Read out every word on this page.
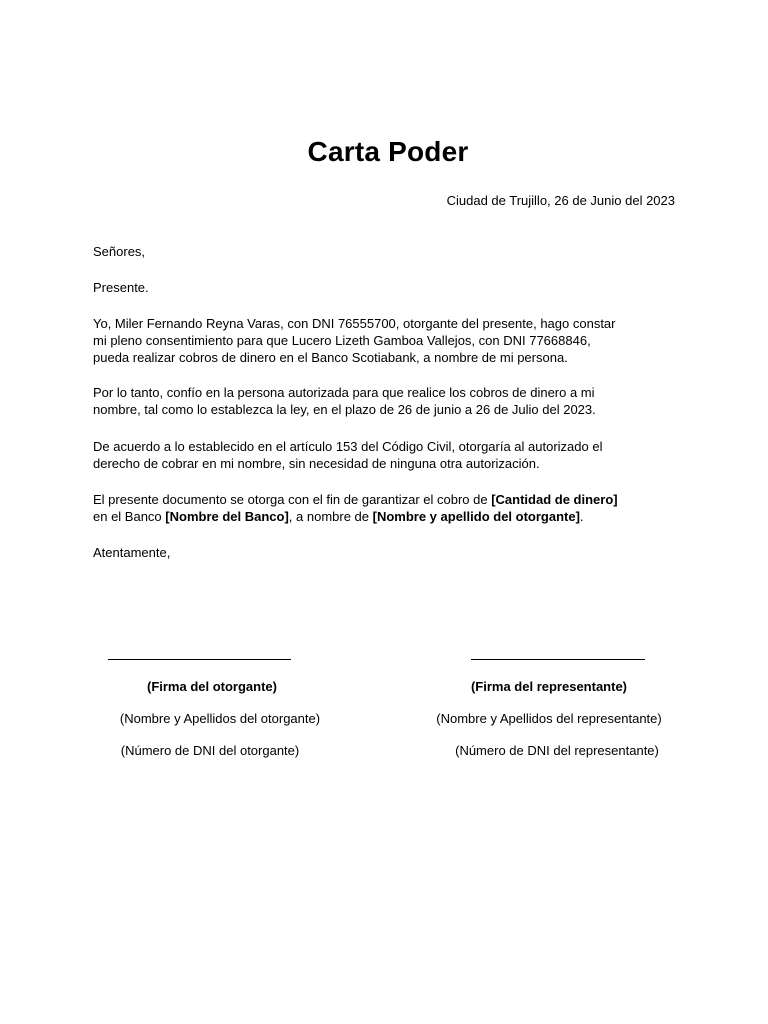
Carta Poder
Ciudad de Trujillo, 26 de Junio del 2023
Señores,
Presente.
Yo, Miler Fernando Reyna Varas, con DNI 76555700, otorgante del presente, hago constar
mi pleno consentimiento para que Lucero Lizeth Gamboa Vallejos, con DNI 77668846,
pueda realizar cobros de dinero en el Banco Scotiabank, a nombre de mi persona.
Por lo tanto, confío en la persona autorizada para que realice los cobros de dinero a mi
nombre, tal como lo establezca la ley, en el plazo de 26 de junio a 26 de Julio del 2023.
De acuerdo a lo establecido en el artículo 153 del Código Civil, otorgaría al autorizado el
derecho de cobrar en mi nombre, sin necesidad de ninguna otra autorización.
El presente documento se otorga con el fin de garantizar el cobro de [Cantidad de dinero]
en el Banco [Nombre del Banco], a nombre de [Nombre y apellido del otorgante].
Atentamente,
(Firma del otorgante)	(Firma del representante)
(Nombre y Apellidos del otorgante)	(Nombre y Apellidos del representante)
(Número de DNI del otorgante)	(Número de DNI del representante)
